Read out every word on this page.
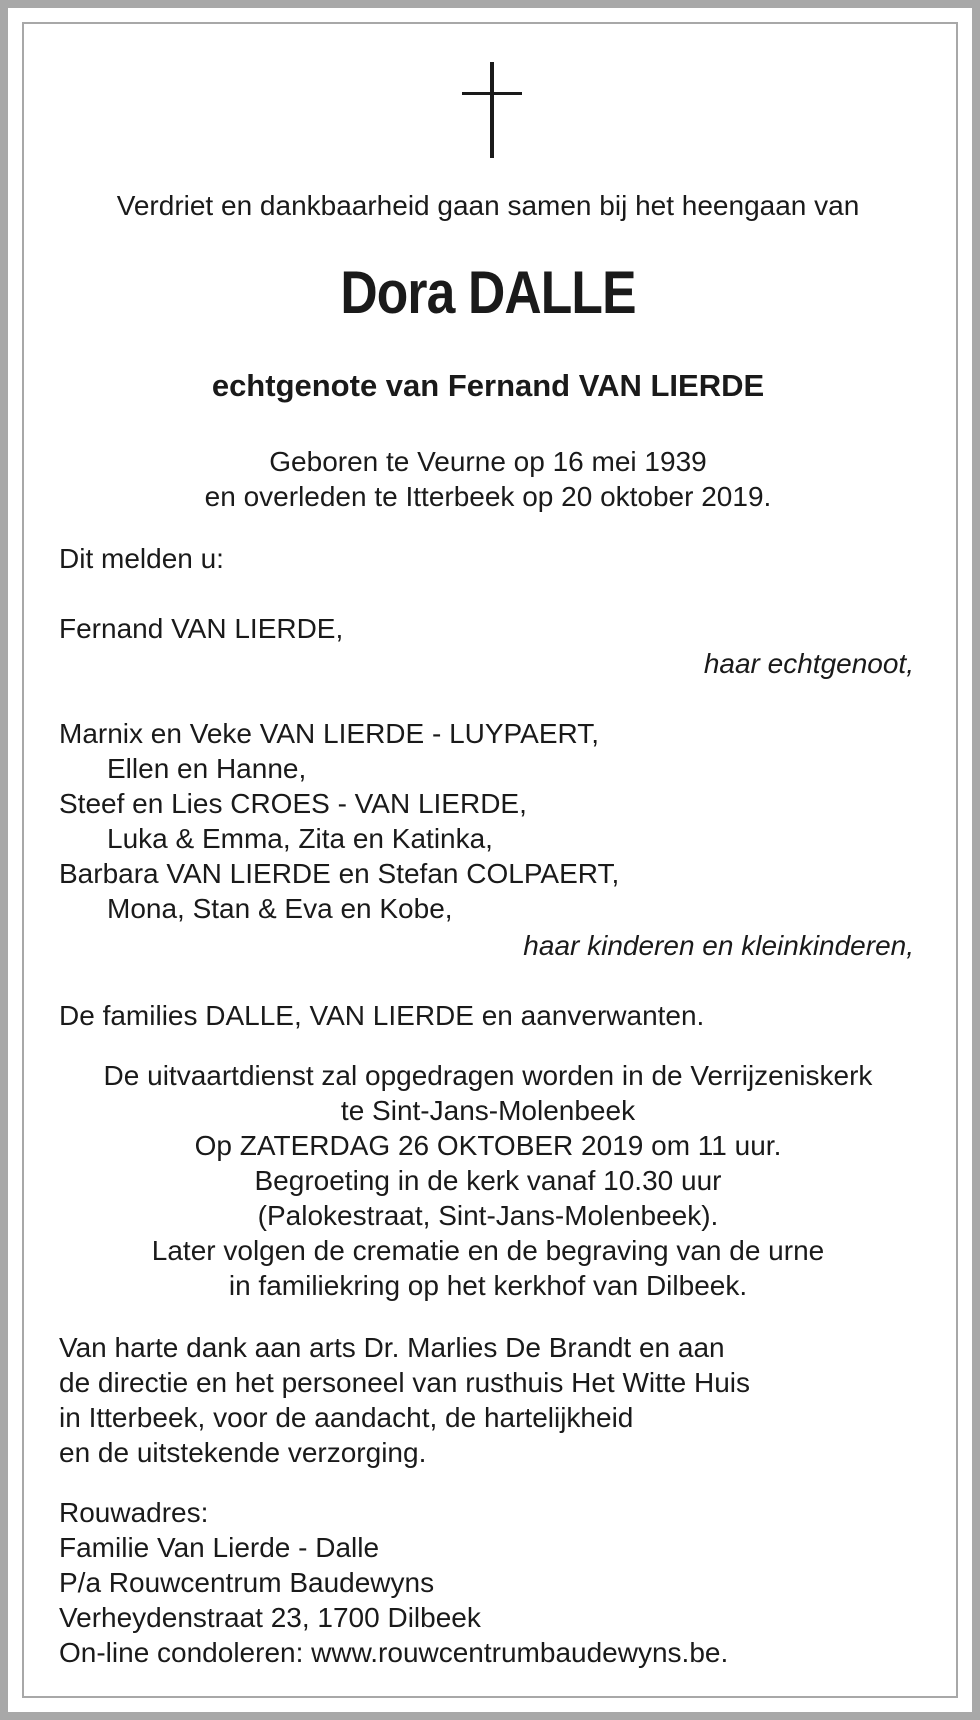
Verdriet en dankbaarheid gaan samen bij het heengaan van
Dora DALLE
echtgenote van Fernand VAN LIERDE

Geboren te Veurne op 16 mei 1939

en overleden te Itterbeek op 20 oktober 2019.

Dit melden u:
Fernand VAN LIERDE,
haar echtgenoot,

Marnix en Veke VAN LIERDE - LUYPAERT,

Ellen en Hanne,

Steef en Lies CROES - VAN LIERDE,

Luka & Emma, Zita en Katinka,

Barbara VAN LIERDE en Stefan COLPAERT,

Mona, Stan & Eva en Kobe,

haar kinderen en kleinkinderen,
De families DALLE, VAN LIERDE en aanverwanten.

De uitvaartdienst zal opgedragen worden in de Verrijzeniskerk

te Sint-Jans-Molenbeek

Op ZATERDAG 26 OKTOBER 2019 om 11 uur.

Begroeting in de kerk vanaf 10.30 uur

(Palokestraat, Sint-Jans-Molenbeek).

Later volgen de crematie en de begraving van de urne

in familiekring op het kerkhof van Dilbeek.

Van harte dank aan arts Dr. Marlies De Brandt en aan

de directie en het personeel van rusthuis Het Witte Huis

in Itterbeek, voor de aandacht, de hartelijkheid

en de uitstekende verzorging.

Rouwadres:

Familie Van Lierde - Dalle

P/a Rouwcentrum Baudewyns

Verheydenstraat 23, 1700 Dilbeek

On-line condoleren: www.rouwcentrumbaudewyns.be.
